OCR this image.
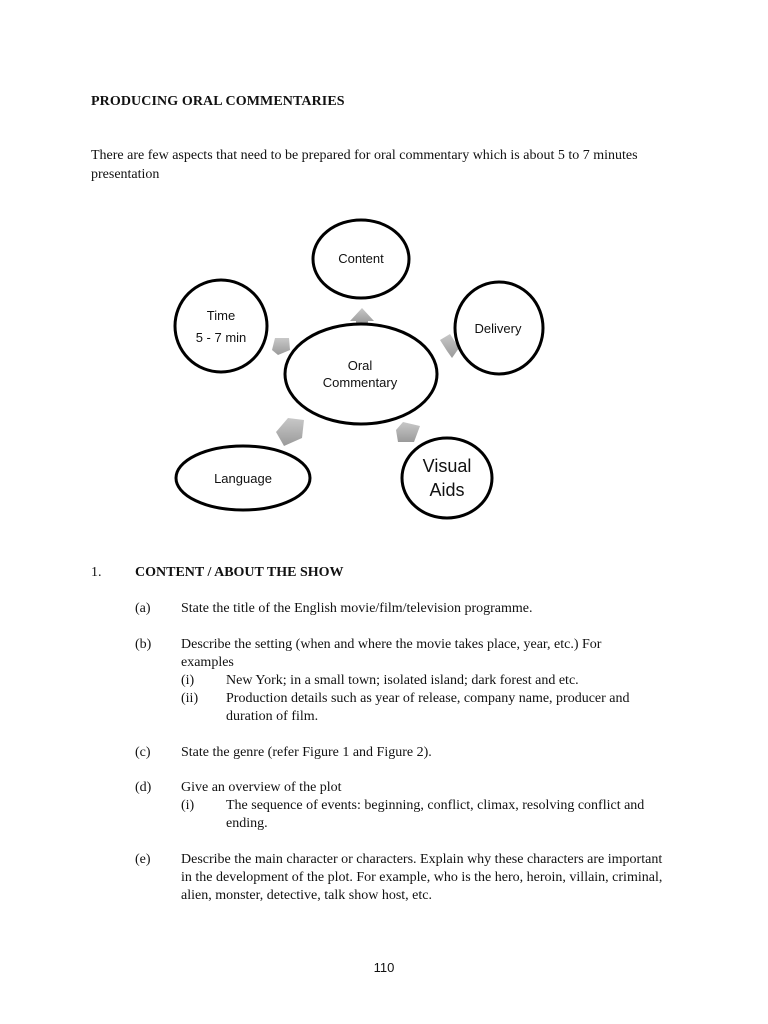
PRODUCING ORAL COMMENTARIES
There are few aspects that need to be prepared for oral commentary which is about 5 to 7 minutes presentation
Content
Delivery
Time
5 - 7 min
Oral
Commentary
Language
Visual
Aids
1. CONTENT / ABOUT THE SHOW
(a) State the title of the English movie/film/television programme.
(b) Describe the setting (when and where the movie takes place, year, etc.) For examples
(i) New York; in a small town; isolated island; dark forest and etc.
(ii) Production details such as year of release, company name, producer and duration of film.
(c) State the genre (refer Figure 1 and Figure 2).
(d) Give an overview of the plot
(i) The sequence of events: beginning, conflict, climax, resolving conflict and ending.
(e) Describe the main character or characters. Explain why these characters are important in the development of the plot. For example, who is the hero, heroin, villain, criminal, alien, monster, detective, talk show host, etc.
110
